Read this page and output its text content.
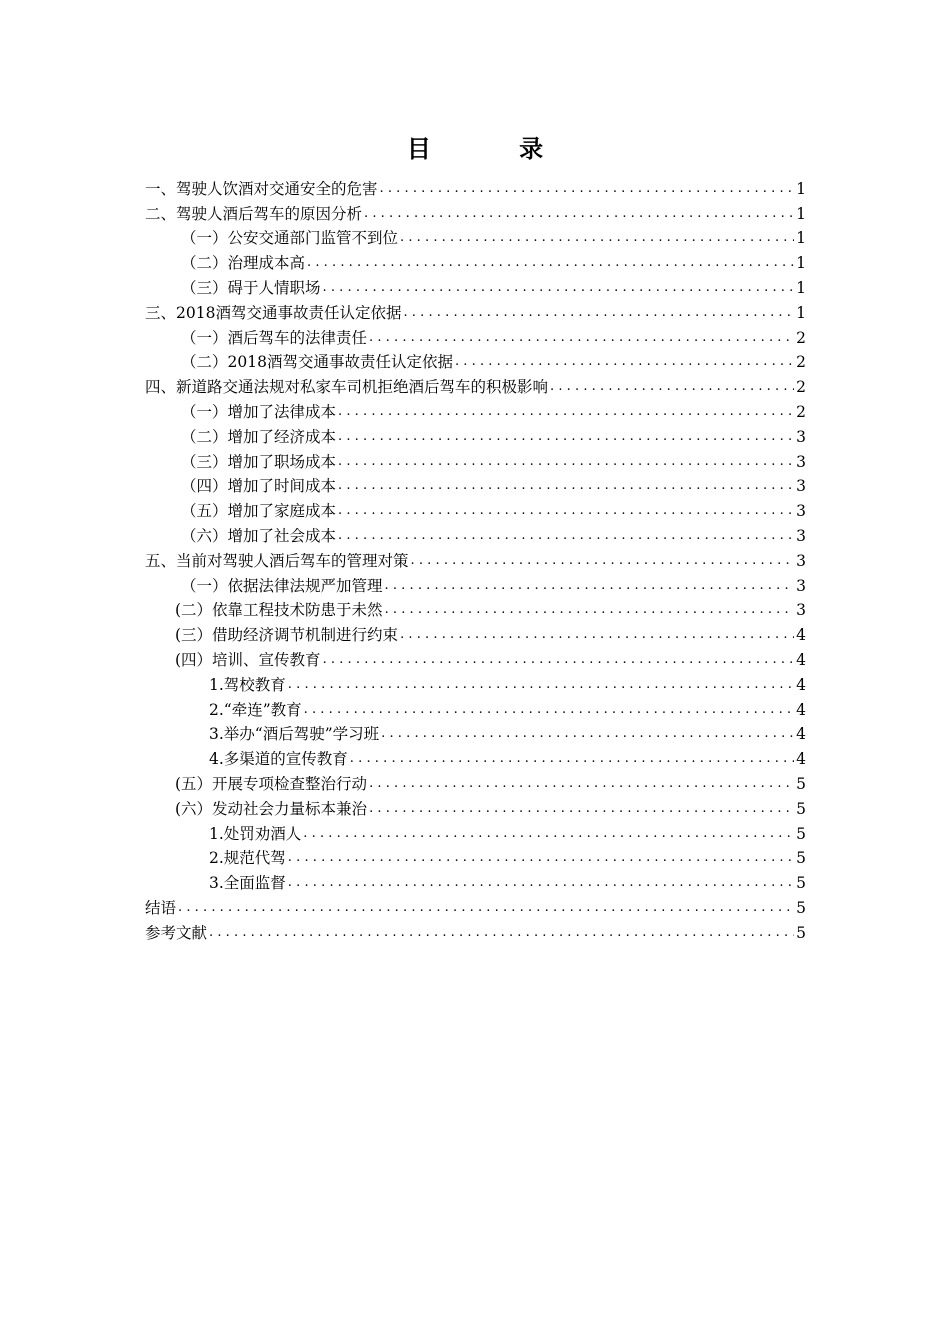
目 录
一、驾驶人饮酒对交通安全的危害 .....	1
二、驾驶人酒后驾车的原因分析 .....	1
（一）公安交通部门监管不到位 .....	1
（二）治理成本高 .....	1
（三）碍于人情职场 .....	1
三、2018酒驾交通事故责任认定依据 .....	1
（一）酒后驾车的法律责任 .....	2
（二）2018酒驾交通事故责任认定依据 .....	2
四、新道路交通法规对私家车司机拒绝酒后驾车的积极影响 .....	2
（一）增加了法律成本 .....	2
（二）增加了经济成本 .....	3
（三）增加了职场成本 .....	3
（四）增加了时间成本 .....	3
（五）增加了家庭成本 .....	3
（六）增加了社会成本 .....	3
五、当前对驾驶人酒后驾车的管理对策 .....	3
（一）依据法律法规严加管理 .....	3
(二）依靠工程技术防患于未然 .....	3
(三）借助经济调节机制进行约束 .....	4
(四）培训、宣传教育 .....	4
1.驾校教育 .....	4
2.“牵连”教育 .....	4
3.举办“酒后驾驶”学习班 .....	4
4.多渠道的宣传教育 .....	4
(五）开展专项检查整治行动 .....	5
(六）发动社会力量标本兼治 .....	5
1.处罚劝酒人 .....	5
2.规范代驾 .....	5
3.全面监督 .....	5
结语 .....	5
参考文献 .....	5
